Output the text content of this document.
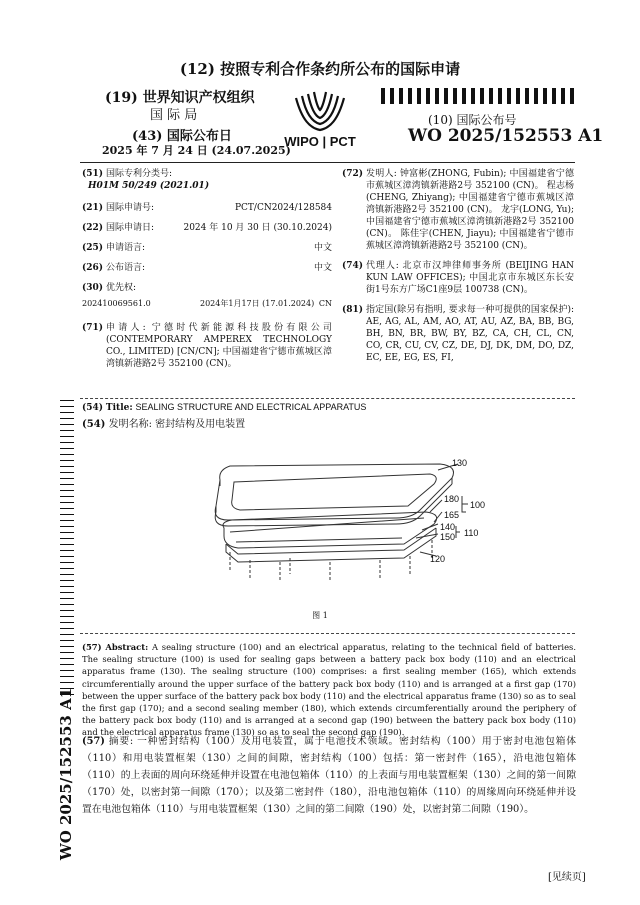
(12) 按照专利合作条约所公布的国际申请
(19) 世界知识产权组织
国 际 局
(43) 国际公布日
2025 年 7 月 24 日 (24.07.2025)
WIPO | PCT
(10) 国际公布号
WO 2025/152553 A1
(51) 国际专利分类号:
H01M 50/249 (2021.01)
(21) 国际申请号:	PCT/CN2024/128584
(22) 国际申请日:	2024 年 10 月 30 日 (30.10.2024)
(25) 申请语言:	中文
(26) 公布语言:	中文
(30) 优先权:
202410069561.0	2024年1月17日 (17.01.2024) CN
(71) 申请人: 宁德时代新能源科技股份有限公司 (CONTEMPORARY AMPEREX TECHNOLOGY CO., LIMITED) [CN/CN]; 中国福建省宁德市蕉城区漳湾镇新港路2号 352100 (CN)。
(72) 发明人: 钟富彬(ZHONG, Fubin); 中国福建省宁德市蕉城区漳湾镇新港路2号 352100 (CN)。 程志杨(CHENG, Zhiyang); 中国福建省宁德市蕉城区漳湾镇新港路2号 352100 (CN)。 龙宇(LONG, Yu); 中国福建省宁德市蕉城区漳湾镇新港路2号 352100 (CN)。 陈佳宇(CHEN, Jiayu); 中国福建省宁德市蕉城区漳湾镇新港路2号 352100 (CN)。
(74) 代理人: 北京市汉坤律师事务所 (BEIJING HAN KUN LAW OFFICES); 中国北京市东城区东长安街1号东方广场C1座9层 100738 (CN)。
(81) 指定国(除另有指明, 要求每一种可提供的国家保护): AE, AG, AL, AM, AO, AT, AU, AZ, BA, BB, BG, BH, BN, BR, BW, BY, BZ, CA, CH, CL, CN, CO, CR, CU, CV, CZ, DE, DJ, DK, DM, DO, DZ, EC, EE, EG, ES, FI,
(54) Title: SEALING STRUCTURE AND ELECTRICAL APPARATUS
(54) 发明名称: 密封结构及用电装置
130
180
165
100
140
150 110
120
图 1
(57) Abstract: A sealing structure (100) and an electrical apparatus, relating to the technical field of batteries. The sealing structure (100) is used for sealing gaps between a battery pack box body (110) and an electrical apparatus frame (130). The sealing structure (100) comprises: a first sealing member (165), which extends circumferentially around the upper surface of the battery pack box body (110) and is arranged at a first gap (170) between the upper surface of the battery pack box body (110) and the electrical apparatus frame (130) so as to seal the first gap (170); and a second sealing member (180), which extends circumferentially around the periphery of the battery pack box body (110) and is arranged at a second gap (190) between the battery pack box body (110) and the electrical apparatus frame (130) so as to seal the second gap (190).
(57) 摘要: 一种密封结构（100）及用电装置，属于电池技术领域。密封结构（100）用于密封电池包箱体（110）和用电装置框架（130）之间的间隙，密封结构（100）包括：第一密封件（165），沿电池包箱体（110）的上表面的周向环绕延伸并设置在电池包箱体（110）的上表面与用电装置框架（130）之间的第一间隙（170）处，以密封第一间隙（170）；以及第二密封件（180），沿电池包箱体（110）的周缘周向环绕延伸并设置在电池包箱体（110）与用电装置框架（130）之间的第二间隙（190）处，以密封第二间隙（190）。
WO 2025/152553 A1
[见续页]
